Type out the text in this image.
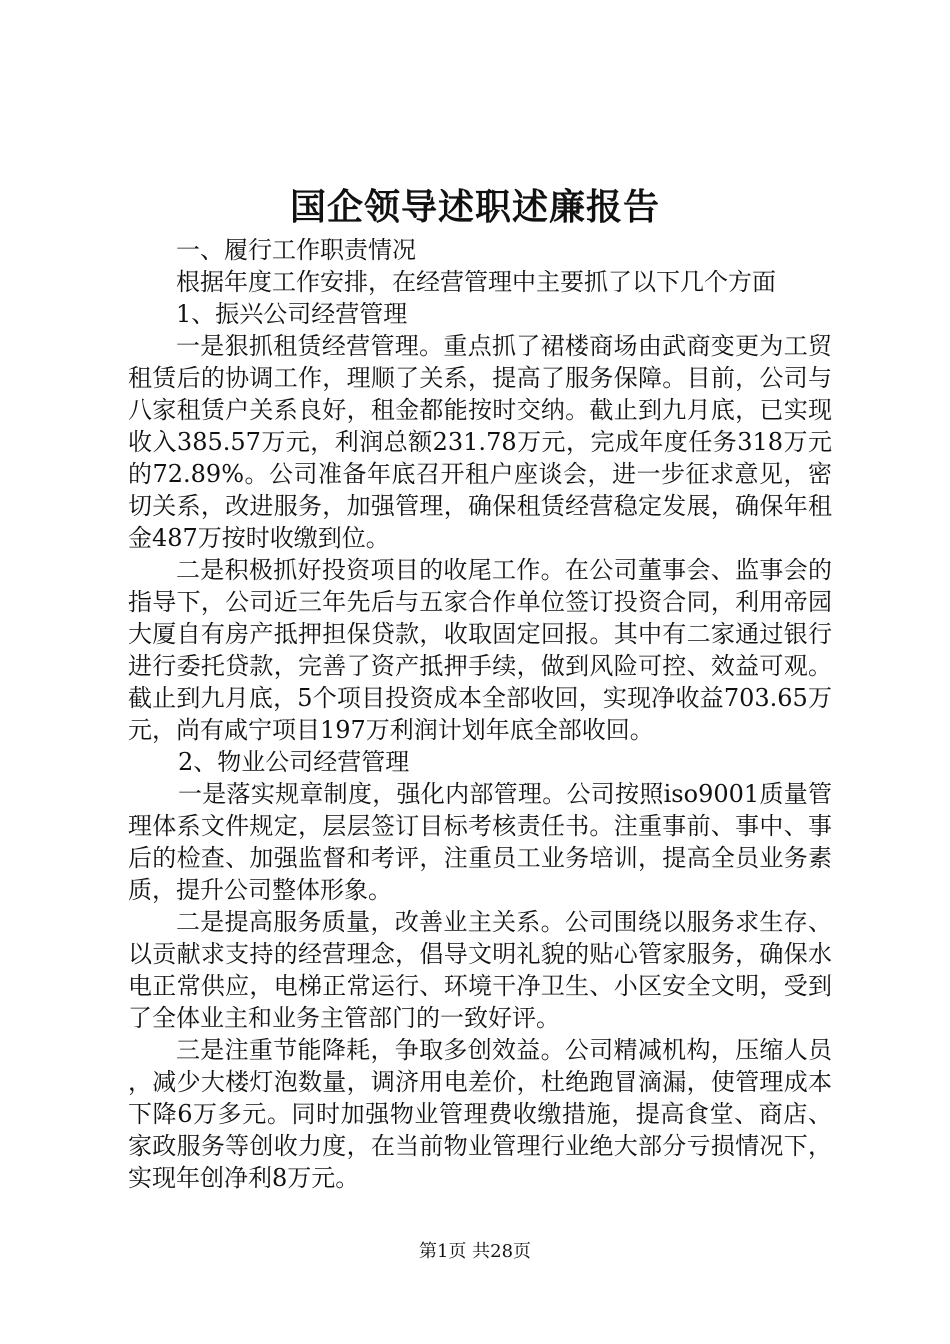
国企领导述职述廉报告

一、履行工作职责情况

根据年度工作安排，在经营管理中主要抓了以下几个方面

1、振兴公司经营管理

一是狠抓租赁经营管理。重点抓了裙楼商场由武商变更为工贸租赁后的协调工作，理顺了关系，提高了服务保障。目前，公司与八家租赁户关系良好，租金都能按时交纳。截止到九月底，已实现收入385.57万元，利润总额231.78万元，完成年度任务318万元的72.89%。公司准备年底召开租户座谈会，进一步征求意见，密切关系，改进服务，加强管理，确保租赁经营稳定发展，确保年租金487万按时收缴到位。

二是积极抓好投资项目的收尾工作。在公司董事会、监事会的指导下，公司近三年先后与五家合作单位签订投资合同，利用帝园大厦自有房产抵押担保贷款，收取固定回报。其中有二家通过银行进行委托贷款，完善了资产抵押手续，做到风险可控、效益可观。截止到九月底，5个项目投资成本全部收回，实现净收益703.65万元，尚有咸宁项目197万利润计划年底全部收回。

2、物业公司经营管理

一是落实规章制度，强化内部管理。公司按照iso9001质量管理体系文件规定，层层签订目标考核责任书。注重事前、事中、事后的检查、加强监督和考评，注重员工业务培训，提高全员业务素质，提升公司整体形象。

二是提高服务质量，改善业主关系。公司围绕以服务求生存、以贡献求支持的经营理念，倡导文明礼貌的贴心管家服务，确保水电正常供应，电梯正常运行、环境干净卫生、小区安全文明，受到了全体业主和业务主管部门的一致好评。

三是注重节能降耗，争取多创效益。公司精减机构，压缩人员，减少大楼灯泡数量，调济用电差价，杜绝跑冒滴漏，使管理成本下降6万多元。同时加强物业管理费收缴措施，提高食堂、商店、家政服务等创收力度，在当前物业管理行业绝大部分亏损情况下，实现年创净利8万元。

第1页 共28页
